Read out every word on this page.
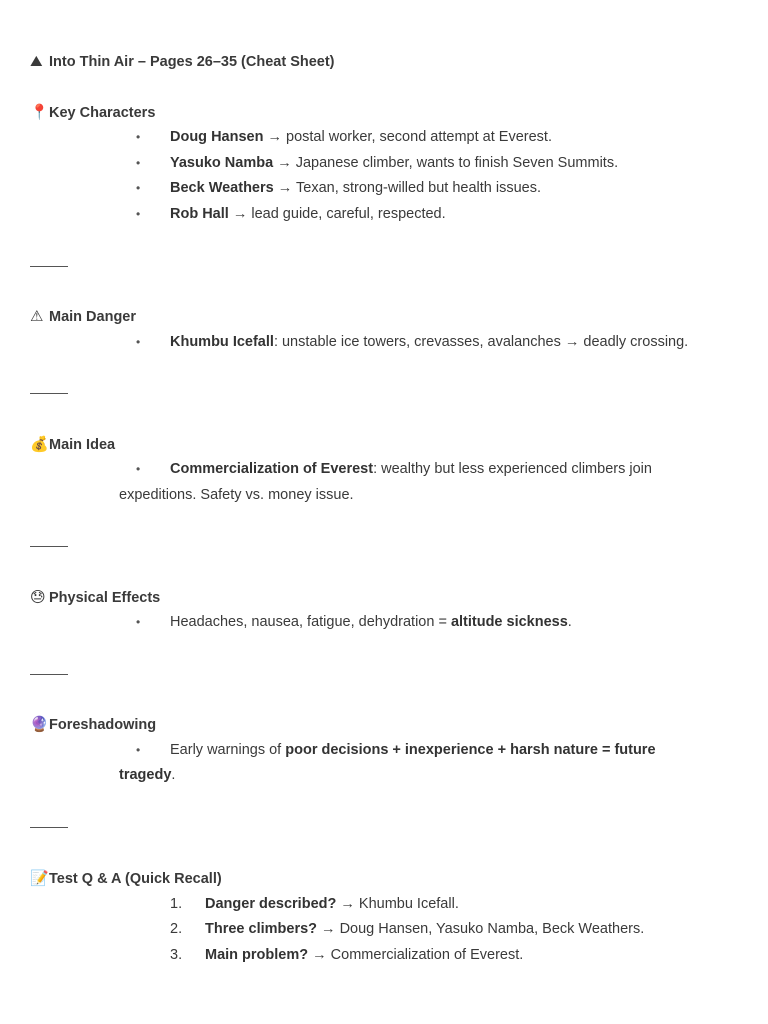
⛰ Into Thin Air – Pages 26–35 (Cheat Sheet)
📍Key Characters
• Doug Hansen → postal worker, second attempt at Everest.
• Yasuko Namba → Japanese climber, wants to finish Seven Summits.
• Beck Weathers → Texan, strong-willed but health issues.
• Rob Hall → lead guide, careful, respected.
⚠ Main Danger
• Khumbu Icefall: unstable ice towers, crevasses, avalanches → deadly crossing.
💰Main Idea
• Commercialization of Everest: wealthy but less experienced climbers join
expeditions. Safety vs. money issue.
😓 Physical Effects
• Headaches, nausea, fatigue, dehydration = altitude sickness.
🔮Foreshadowing
• Early warnings of poor decisions + inexperience + harsh nature = future
tragedy.
📝Test Q & A (Quick Recall)
1. Danger described? → Khumbu Icefall.
2. Three climbers? → Doug Hansen, Yasuko Namba, Beck Weathers.
3. Main problem? → Commercialization of Everest.
